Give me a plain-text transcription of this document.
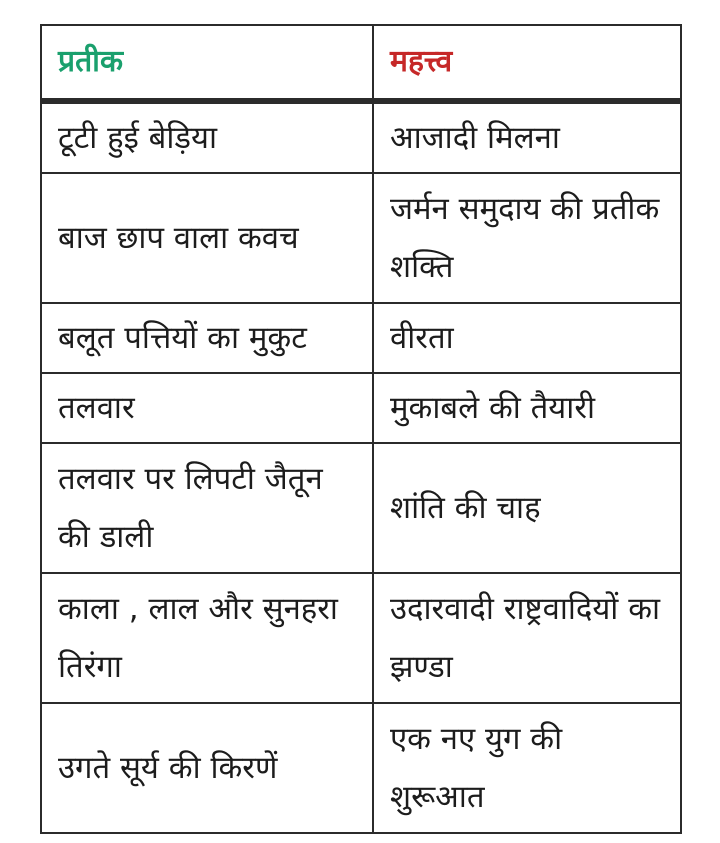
प्रतीक	महत्त्व
टूटी हुई बेड़िया	आजादी मिलना
बाज छाप वाला कवच	जर्मन समुदाय की प्रतीक शक्ति
बलूत पत्तियों का मुकुट	वीरता
तलवार	मुकाबले की तैयारी
तलवार पर लिपटी जैतून की डाली	शांति की चाह
काला , लाल और सुनहरा तिरंगा	उदारवादी राष्ट्रवादियों का झण्डा
उगते सूर्य की किरणें	एक नए युग की शुरूआत
